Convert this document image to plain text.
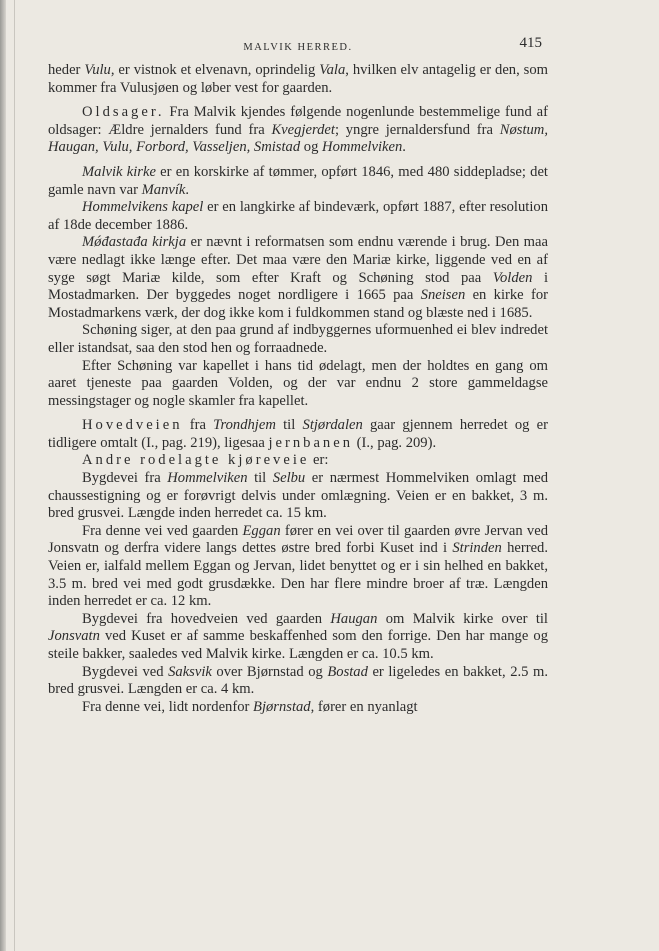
MALVIK HERRED.	415

heder Vulu, er vistnok et elvenavn, oprindelig Vala, hvilken elv antagelig er den, som kommer fra Vulusjøen og løber vest for gaarden.

Oldsager. Fra Malvik kjendes følgende nogenlunde bestemmelige fund af oldsager: Ældre jernalders fund fra Kvegjerdet; yngre jernaldersfund fra Nøstum, Haugan, Vulu, Forbord, Vasseljen, Smistad og Hommelviken.

Malvik kirke er en korskirke af tømmer, opført 1846, med 480 siddepladse; det gamle navn var Manvík.

Hommelvikens kapel er en langkirke af bindeværk, opført 1887, efter resolution af 18de december 1886.

Mǿđastađa kirkja er nævnt i reformatsen som endnu værende i brug. Den maa være nedlagt ikke længe efter. Det maa være den Mariæ kirke, liggende ved en af syge søgt Mariæ kilde, som efter Kraft og Schøning stod paa Volden i Mostadmarken. Der byggedes noget nordligere i 1665 paa Sneisen en kirke for Mostadmarkens værk, der dog ikke kom i fuldkommen stand og blæste ned i 1685.

Schøning siger, at den paa grund af indbyggernes uformuenhed ei blev indredet eller istandsat, saa den stod hen og forraadnede.

Efter Schøning var kapellet i hans tid ødelagt, men der holdtes en gang om aaret tjeneste paa gaarden Volden, og der var endnu 2 store gammeldagse messingstager og nogle skamler fra kapellet.

Hovedveien fra Trondhjem til Stjørdalen gaar gjennem herredet og er tidligere omtalt (I., pag. 219), ligesaa jernbanen (I., pag. 209).

Andre rodelagte kjøreveie er:

Bygdevei fra Hommelviken til Selbu er nærmest Hommelviken omlagt med chaussestigning og er forøvrigt delvis under omlægning. Veien er en bakket, 3 m. bred grusvei. Længde inden herredet ca. 15 km.

Fra denne vei ved gaarden Eggan fører en vei over til gaarden øvre Jervan ved Jonsvatn og derfra videre langs dettes østre bred forbi Kuset ind i Strinden herred. Veien er, ialfald mellem Eggan og Jervan, lidet benyttet og er i sin helhed en bakket, 3.5 m. bred vei med godt grusdække. Den har flere mindre broer af træ. Længden inden herredet er ca. 12 km.

Bygdevei fra hovedveien ved gaarden Haugan om Malvik kirke over til Jonsvatn ved Kuset er af samme beskaffenhed som den forrige. Den har mange og steile bakker, saaledes ved Malvik kirke. Længden er ca. 10.5 km.

Bygdevei ved Saksvik over Bjørnstad og Bostad er ligeledes en bakket, 2.5 m. bred grusvei. Længden er ca. 4 km.

Fra denne vei, lidt nordenfor Bjørnstad, fører en nyanlagt
